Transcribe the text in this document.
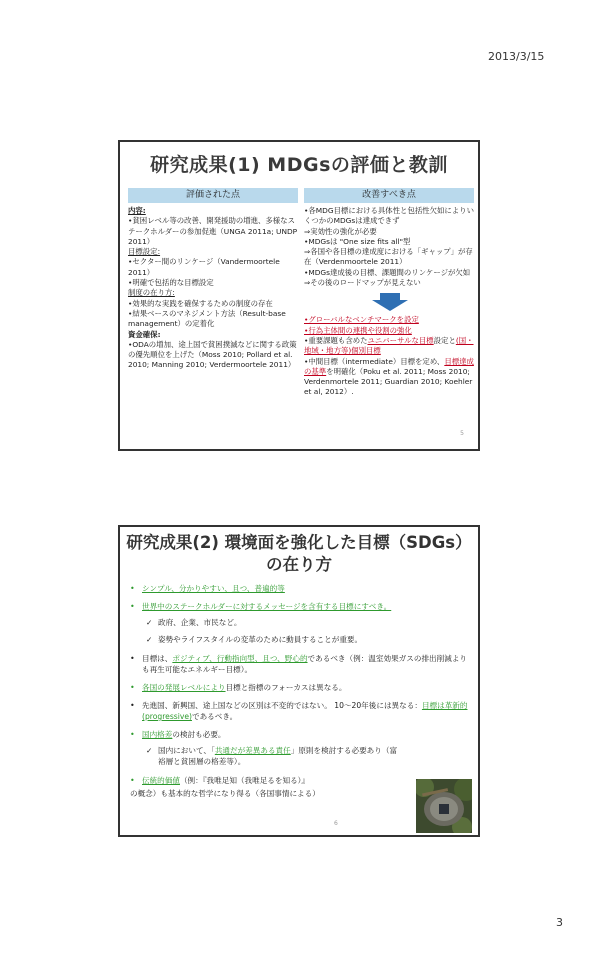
2013/3/15
研究成果(1) MDGsの評価と教訓
評価された点	改善すべき点

内容:

•貧困レベル等の改善、開発援助の増進、多様なステークホルダーの参加促進（UNGA 2011a; UNDP 2011）

目標設定:

•セクター間のリンケージ（Vandermoortele 2011）

•明確で包括的な目標設定

制度の在り方:

•効果的な実践を確保するための制度の存在

•結果ベースのマネジメント方法（Result-base management）の定着化

資金確保:

•ODAの増加、途上国で貧困撲滅などに関する政策の優先順位を上げた（Moss 2010; Pollard et al. 2010; Manning 2010; Verdermoortele 2011）

•各MDG目標における具体性と包括性欠如によりいくつかのMDGsは達成できず

⇒実効性の強化が必要

•MDGsは "One size fits all"型

⇒各国や各目標の達成度における「ギャップ」が存在（Verdenmoortele 2011）

•MDGs達成後の目標、課題間のリンケージが欠如⇒その後のロードマップが見えない

•グローバルなベンチマークを設定

•行為主体間の連携や役割の強化

•重要課題も含めたユニバーサルな目標設定と(国・地域・地方等)個別目標

•中間目標（intermediate）目標を定め、目標達成の基準を明確化（Poku et al. 2011; Moss 2010; Verdenmortele 2011; Guardian 2010; Koehler et al, 2012）.

5
研究成果(2) 環境面を強化した目標（SDGs）
の在り方
• シンプル、分かりやすい、且つ、普遍的等
• 世界中のステークホルダーに対するメッセージを含有する目標にすべき。
✓ 政府、企業、市民など。
✓ 姿勢やライフスタイルの変革のために動員することが重要。
• 目標は、ポジティブ、行動指向型、且つ、野心的であるべき（例：温室効果ガスの排出削減よりも再生可能なエネルギー目標）。
• 各国の発展レベルにより目標と指標のフォーカスは異なる。
• 先進国、新興国、途上国などの区別は不変的ではない。 10〜20年後には異なる：目標は革新的(progressive)であるべき。
• 国内格差の検討も必要。
✓ 国内において、「共通だが差異ある責任」原則を検討する必要あり（富裕層と貧困層の格差等）。
• 伝統的価値（例：『我唯足知（我唯足るを知る）』
の概念）も基本的な哲学になり得る（各国事情による）
6
3
